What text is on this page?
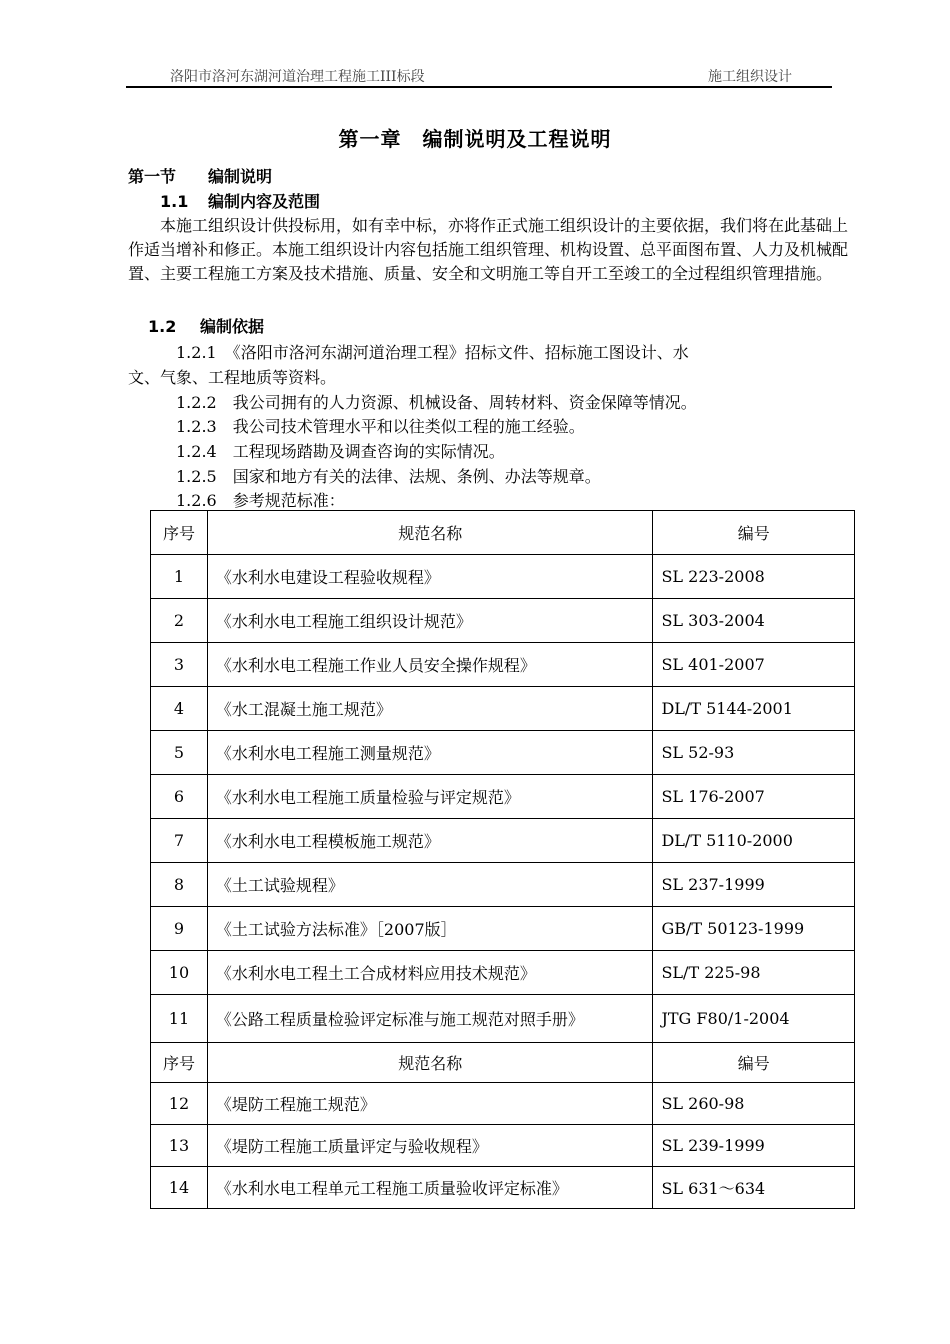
洛阳市洛河东湖河道治理工程施工III标段	施工组织设计
第一章　编制说明及工程说明
第一节 编制说明
1.1 编制内容及范围

本施工组织设计供投标用，如有幸中标，亦将作正式施工组织设计的主要依据，我们将在此基础上作适当增补和修正。本施工组织设计内容包括施工组织管理、机构设置、总平面图布置、人力及机械配置、主要工程施工方案及技术措施、质量、安全和文明施工等自开工至竣工的全过程组织管理措施。

1.2 编制依据
1.2.1　《洛阳市洛河东湖河道治理工程》招标文件、招标施工图设计、水
文、气象、工程地质等资料。
1.2.2　我公司拥有的人力资源、机械设备、周转材料、资金保障等情况。
1.2.3　我公司技术管理水平和以往类似工程的施工经验。
1.2.4　工程现场踏勘及调查咨询的实际情况。
1.2.5　国家和地方有关的法律、法规、条例、办法等规章。
1.2.6　参考规范标准：
序号	规范名称	编号
1	《水利水电建设工程验收规程》	SL 223-2008
2	《水利水电工程施工组织设计规范》	SL 303-2004
3	《水利水电工程施工作业人员安全操作规程》	SL 401-2007
4	《水工混凝土施工规范》	DL/T 5144-2001
5	《水利水电工程施工测量规范》	SL 52-93
6	《水利水电工程施工质量检验与评定规范》	SL 176-2007
7	《水利水电工程模板施工规范》	DL/T 5110-2000
8	《土工试验规程》	SL 237-1999
9	《土工试验方法标准》［2007版］	GB/T 50123-1999
10	《水利水电工程土工合成材料应用技术规范》	SL/T 225-98
11	《公路工程质量检验评定标准与施工规范对照手册》	JTG F80/1-2004
序号	规范名称	编号
12	《堤防工程施工规范》	SL 260-98
13	《堤防工程施工质量评定与验收规程》	SL 239-1999
14	《水利水电工程单元工程施工质量验收评定标准》	SL 631～634
